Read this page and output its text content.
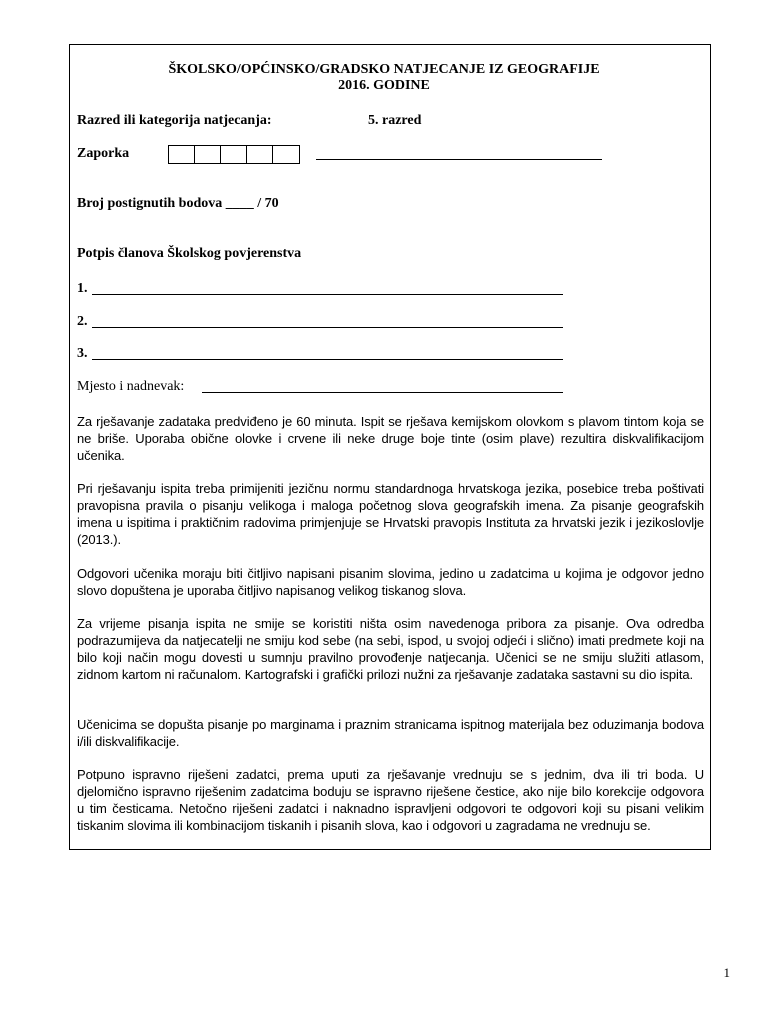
ŠKOLSKO/OPĆINSKO/GRADSKO NATJECANJE IZ GEOGRAFIJE
2016. GODINE
Razred ili kategorija natjecanja:	5. razred
Zaporka
Broj postignutih bodova ____ / 70
Potpis članova Školskog povjerenstva
1.
2.
3.
Mjesto i nadnevak:
Za rješavanje zadataka predviđeno je 60 minuta. Ispit se rješava kemijskom olovkom s plavom tintom koja se ne briše. Uporaba obične olovke i crvene ili neke druge boje tinte (osim plave) rezultira diskvalifikacijom učenika.
Pri rješavanju ispita treba primijeniti jezičnu normu standardnoga hrvatskoga jezika, posebice treba poštivati pravopisna pravila o pisanju velikoga i maloga početnog slova geografskih imena. Za pisanje geografskih imena u ispitima i praktičnim radovima primjenjuje se Hrvatski pravopis Instituta za hrvatski jezik i jezikoslovlje (2013.).
Odgovori učenika moraju biti čitljivo napisani pisanim slovima, jedino u zadatcima u kojima je odgovor jedno slovo dopuštena je uporaba čitljivo napisanog velikog tiskanog slova.
Za vrijeme pisanja ispita ne smije se koristiti ništa osim navedenoga pribora za pisanje. Ova odredba podrazumijeva da natjecatelji ne smiju kod sebe (na sebi, ispod, u svojoj odjeći i slično) imati predmete koji na bilo koji način mogu dovesti u sumnju pravilno provođenje natjecanja. Učenici se ne smiju služiti atlasom, zidnom kartom ni računalom. Kartografski i grafički prilozi nužni za rješavanje zadataka sastavni su dio ispita.
Učenicima se dopušta pisanje po marginama i praznim stranicama ispitnog materijala bez oduzimanja bodova i/ili diskvalifikacije.
Potpuno ispravno riješeni zadatci, prema uputi za rješavanje vrednuju se s jednim, dva ili tri boda. U djelomično ispravno riješenim zadatcima boduju se ispravno riješene čestice, ako nije bilo korekcije odgovora u tim česticama. Netočno riješeni zadatci i naknadno ispravljeni odgovori te odgovori koji su pisani velikim tiskanim slovima ili kombinacijom tiskanih i pisanih slova, kao i odgovori u zagradama ne vrednuju se.
1
